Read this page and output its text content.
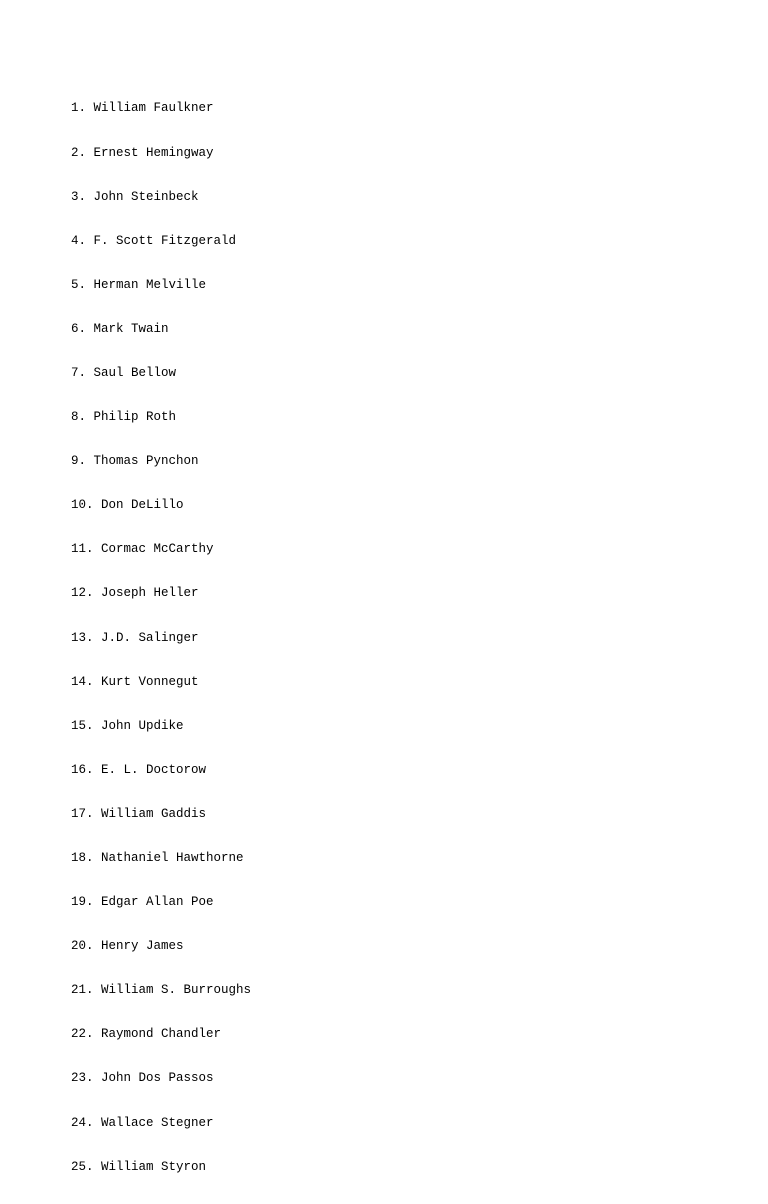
1. William Faulkner

2. Ernest Hemingway

3. John Steinbeck

4. F. Scott Fitzgerald

5. Herman Melville

6. Mark Twain

7. Saul Bellow

8. Philip Roth

9. Thomas Pynchon

10. Don DeLillo

11. Cormac McCarthy

12. Joseph Heller

13. J.D. Salinger

14. Kurt Vonnegut

15. John Updike

16. E. L. Doctorow

17. William Gaddis

18. Nathaniel Hawthorne

19. Edgar Allan Poe

20. Henry James

21. William S. Burroughs

22. Raymond Chandler

23. John Dos Passos

24. Wallace Stegner

25. William Styron
